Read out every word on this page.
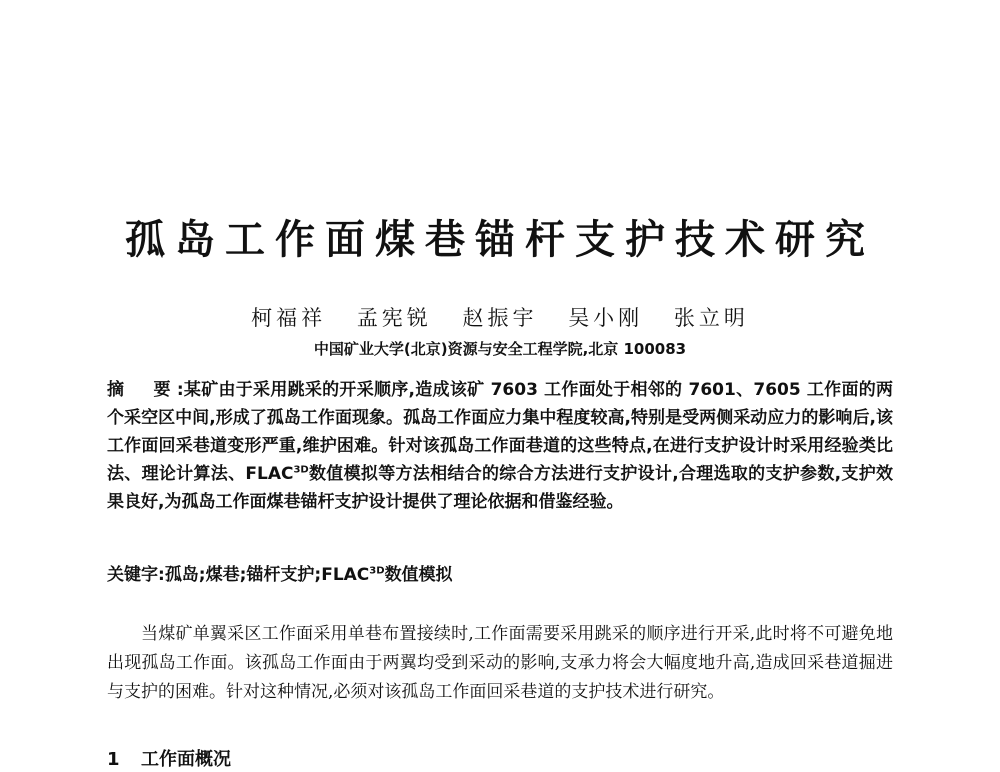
孤岛工作面煤巷锚杆支护技术研究
柯福祥 孟宪锐 赵振宇 吴小刚 张立明
中国矿业大学(北京)资源与安全工程学院,北京 100083
摘　要:某矿由于采用跳采的开采顺序,造成该矿 7603 工作面处于相邻的 7601、7605 工作面的两个采空区中间,形成了孤岛工作面现象。孤岛工作面应力集中程度较高,特别是受两侧采动应力的影响后,该工作面回采巷道变形严重,维护困难。针对该孤岛工作面巷道的这些特点,在进行支护设计时采用经验类比法、理论计算法、$FLAC^{3D}$数值模拟等方法相结合的综合方法进行支护设计,合理选取的支护参数,支护效果良好,为孤岛工作面煤巷锚杆支护设计提供了理论依据和借鉴经验。
关键字:孤岛;煤巷;锚杆支护$;FLAC^{3D}$数值模拟

当煤矿单翼采区工作面采用单巷布置接续时,工作面需要采用跳采的顺序进行开采,此时将不可避免地出现孤岛工作面。该孤岛工作面由于两翼均受到采动的影响,支承力将会大幅度地升高,造成回采巷道掘进与支护的困难。针对这种情况,必须对该孤岛工作面回采巷道的支护技术进行研究。

1 工作面概况
